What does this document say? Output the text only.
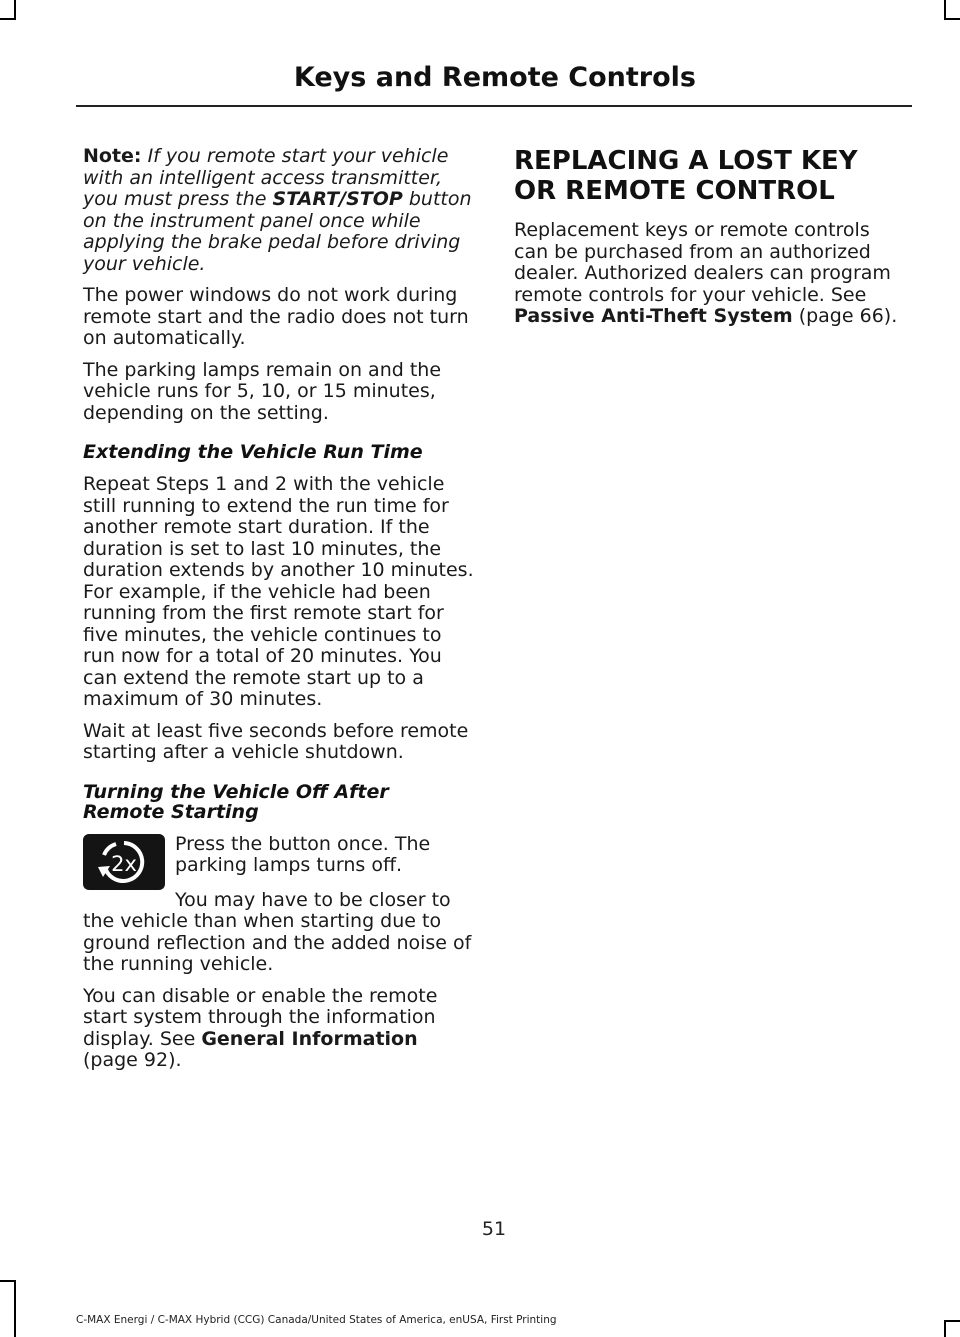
Keys and Remote Controls

Note: If you remote start your vehicle with an intelligent access transmitter, you must press the START/STOP button on the instrument panel once while applying the brake pedal before driving your vehicle.

The power windows do not work during remote start and the radio does not turn on automatically.

The parking lamps remain on and the vehicle runs for 5, 10, or 15 minutes, depending on the setting.

Extending the Vehicle Run Time

Repeat Steps 1 and 2 with the vehicle still running to extend the run time for another remote start duration. If the duration is set to last 10 minutes, the duration extends by another 10 minutes. For example, if the vehicle had been running from the first remote start for five minutes, the vehicle continues to run now for a total of 20 minutes. You can extend the remote start up to a maximum of 30 minutes.

Wait at least five seconds before remote starting after a vehicle shutdown.

Turning the Vehicle Off After Remote Starting
2x

Press the button once. The parking lamps turns off.

You may have to be closer to the vehicle than when starting due to ground reflection and the added noise of the running vehicle.

You can disable or enable the remote start system through the information display. See General Information (page 92).

REPLACING A LOST KEY OR REMOTE CONTROL

Replacement keys or remote controls can be purchased from an authorized dealer. Authorized dealers can program remote controls for your vehicle. See Passive Anti-Theft System (page 66).

51
C-MAX Energi / C-MAX Hybrid (CCG) Canada/United States of America, enUSA, First Printing
